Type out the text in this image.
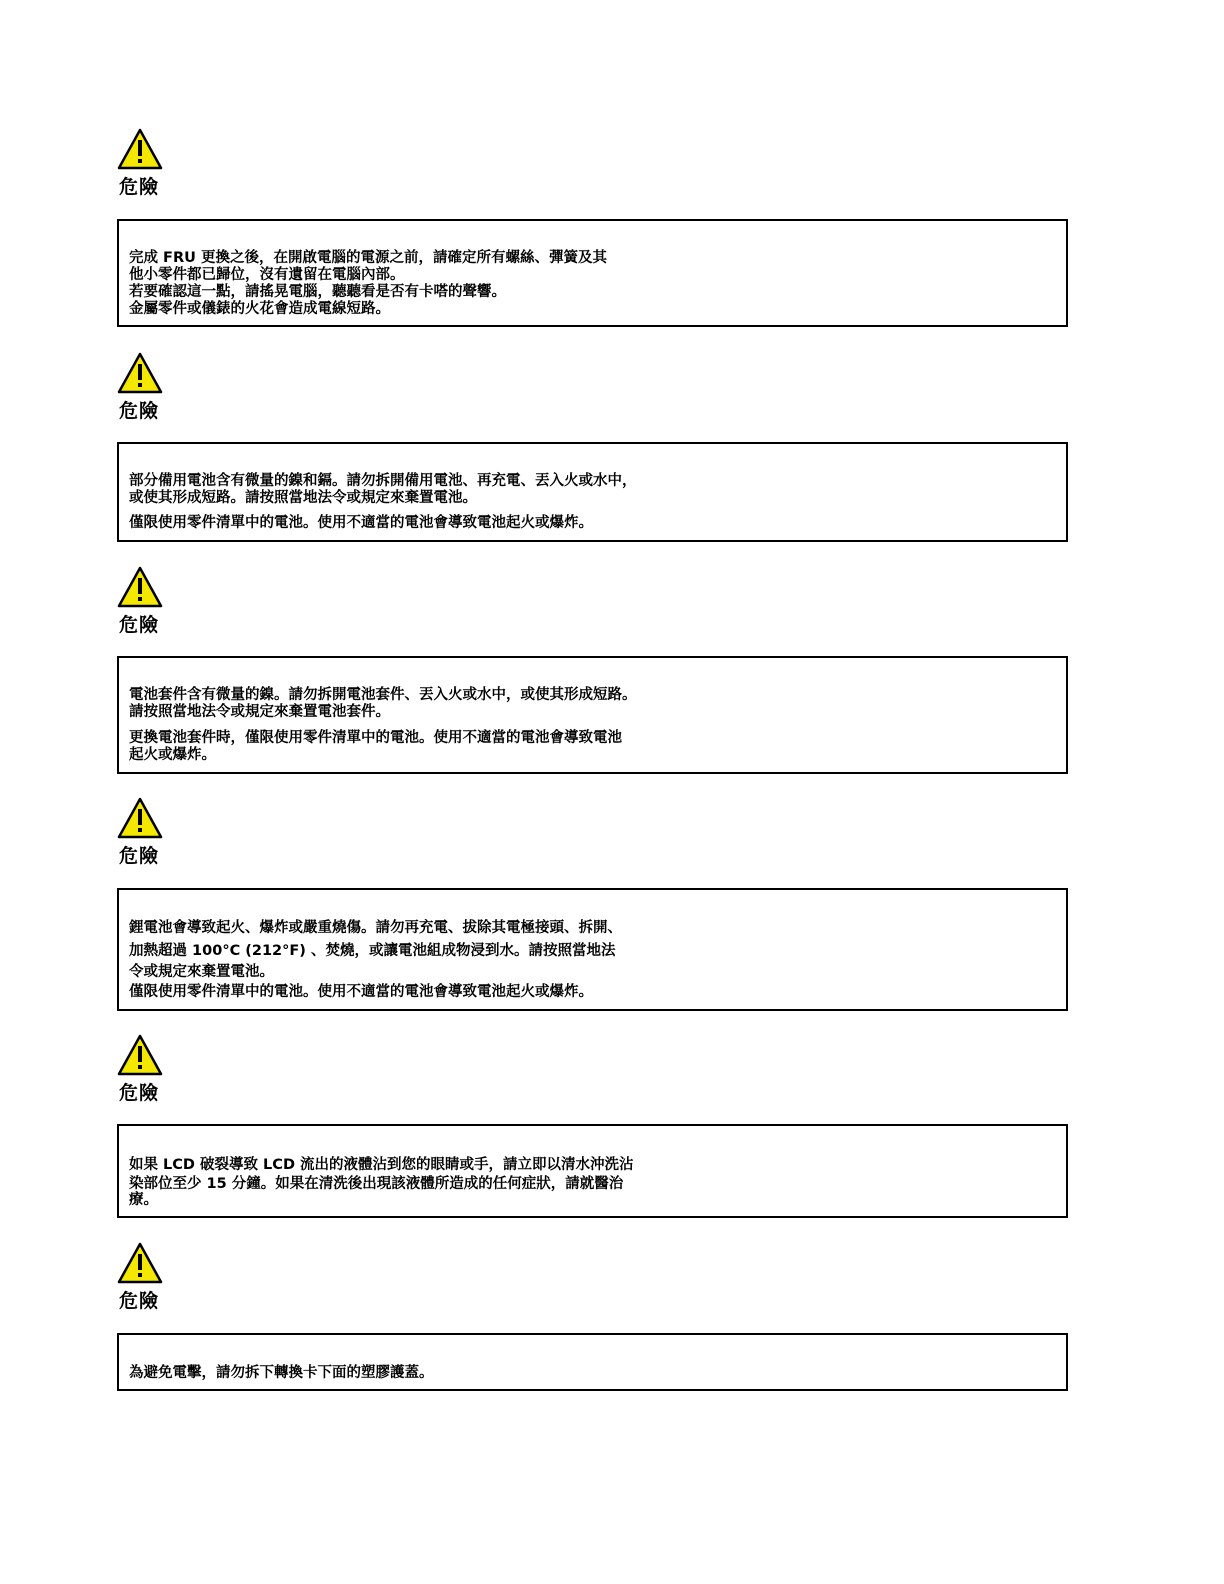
危險
完成 FRU 更換之後，在開啟電腦的電源之前，請確定所有螺絲、彈簧及其
他小零件都已歸位，沒有遺留在電腦內部。
若要確認這一點，請搖晃電腦，聽聽看是否有卡嗒的聲響。
金屬零件或儀錶的火花會造成電線短路。
危險
部分備用電池含有微量的鎳和鎘。請勿拆開備用電池、再充電、丟入火或水中，
或使其形成短路。請按照當地法令或規定來棄置電池。
僅限使用零件清單中的電池。使用不適當的電池會導致電池起火或爆炸。
危險
電池套件含有微量的鎳。請勿拆開電池套件、丟入火或水中，或使其形成短路。
請按照當地法令或規定來棄置電池套件。
更換電池套件時，僅限使用零件清單中的電池。使用不適當的電池會導致電池
起火或爆炸。
危險
鋰電池會導致起火、爆炸或嚴重燒傷。請勿再充電、拔除其電極接頭、拆開、
加熱超過 100°C (212°F) 、焚燒，或讓電池組成物浸到水。請按照當地法
令或規定來棄置電池。
僅限使用零件清單中的電池。使用不適當的電池會導致電池起火或爆炸。
危險
如果 LCD 破裂導致 LCD 流出的液體沾到您的眼睛或手，請立即以清水沖洗沾
染部位至少 15 分鐘。如果在清洗後出現該液體所造成的任何症狀，請就醫治
療。
危險
為避免電擊，請勿拆下轉換卡下面的塑膠護蓋。
